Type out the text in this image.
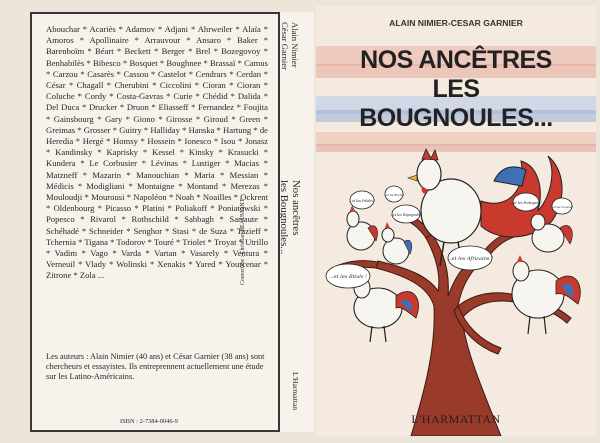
Abouchar * Acariès * Adamov * Adjani * Ahrweiler * Alaïa * Amoros * Apollinaire * Arrauvour * Ansaro * Baker * Barenboïm * Béart * Beckett * Berger * Brel * Bozegovoy * Benhabilès * Bibesco * Bosquet * Boughnee * Brassaï * Camus * Carzou * Casarès * Cassou * Castelot * Cendrars * Cerdan * César * Chagall * Cherubini * Ciccolini * Cioran * Cioran * Coluche * Cordy * Costa-Gavras * Curie * Chédid * Dalida * Del Duca * Drucker * Druon * Eliasseff * Fernandez * Foujita * Gainsbourg * Gary * Giono * Girosse * Giroud * Green * Greimas * Grosser * Guitry * Halliday * Hanska * Hartung * de Heredia * Hergé * Homsy * Hossein * Ionesco * Isou * Jonasz * Kandinsky * Kaprisky * Kessel * Kinsky * Krasucki * Kundera * Le Corbusier * Lévinas * Lustiger * Macias * Matzneff * Mazarin * Manouchian * Maria * Messian * Médicis * Modigliani * Montaigne * Montand * Merezas * Mouloudji * Mourousi * Napoléon * Noah * Noailles * Ockrent * Oldenbourg * Picasso * Platini * Poliakoff * Poniatowski * Popesco * Rivarol * Rothschild * Sabbagh * Sarraute * Schéhadé * Schneider * Senghor * Stasi * de Suza * Tazieff * Tchernia * Tigana * Todorov * Touré * Triolet * Troyat * Utrillo * Vadim * Vago * Varda * Vartan * Vasarely * Ventura * Verneuil * Vlady * Wolinski * Xenakis * Yared * Yourcenar * Zitrone * Zola ...
Les auteurs : Alain Nimier (40 ans) et César Garnier (38 ans) sont chercheurs et essayistes. Ils entreprennent actuellement une étude sur les Latino-Américains.
ISBN : 2-7384-0046-9
Couverture : Christian BEAUMANT
Alain Nimier
César Garnier
Nos ancêtres
les Bougnoules...
L'Harmattan
...et les Ritals !
...et les Polaks !
...et les Espagnols !
...et les Africains !
...et les Portugais !
...et les Bicots !
...et les Youpins !
ALAIN NIMIER-CESAR GARNIER
NOS ANCÊTRES
LES
BOUGNOULES...
L'HARMATTAN
